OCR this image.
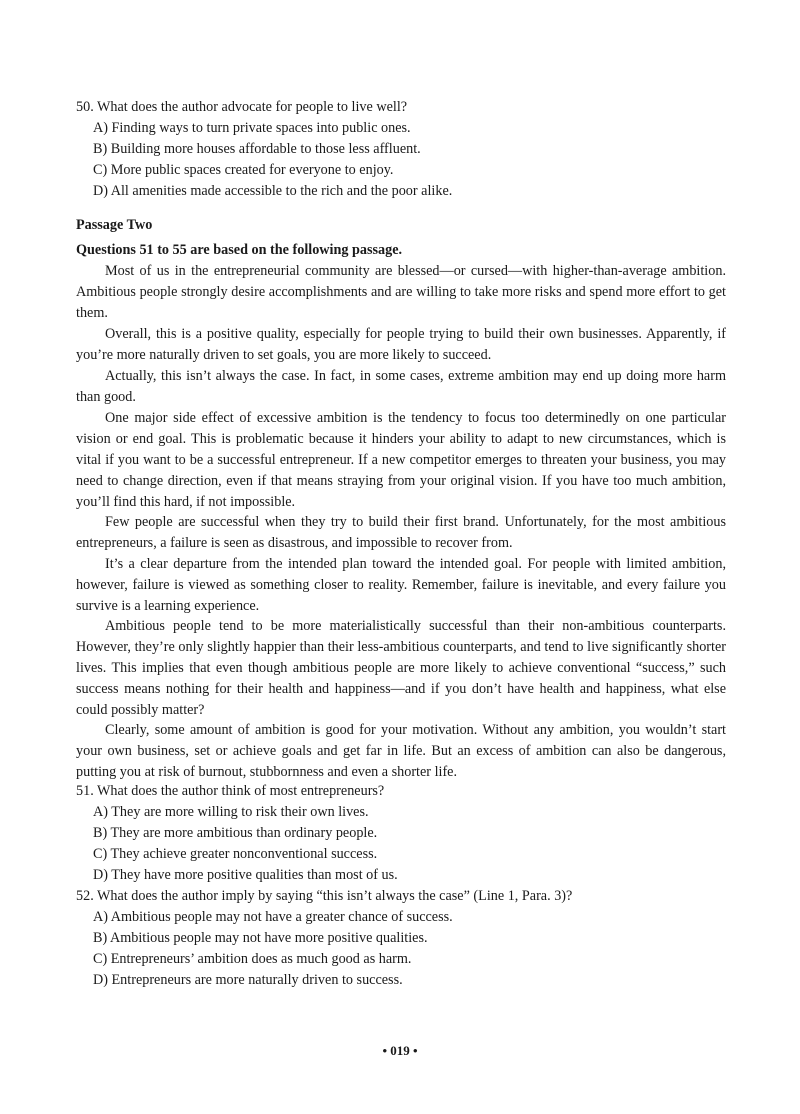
50. What does the author advocate for people to live well?

A) Finding ways to turn private spaces into public ones.

B) Building more houses affordable to those less affluent.

C) More public spaces created for everyone to enjoy.

D) All amenities made accessible to the rich and the poor alike.

Passage Two

Questions 51 to 55 are based on the following passage.

Most of us in the entrepreneurial community are blessed—or cursed—with higher-than-average ambition. Ambitious people strongly desire accomplishments and are willing to take more risks and spend more effort to get them.

Overall, this is a positive quality, especially for people trying to build their own businesses. Apparently, if you’re more naturally driven to set goals, you are more likely to succeed.

Actually, this isn’t always the case. In fact, in some cases, extreme ambition may end up doing more harm than good.

One major side effect of excessive ambition is the tendency to focus too determinedly on one particular vision or end goal. This is problematic because it hinders your ability to adapt to new circumstances, which is vital if you want to be a successful entrepreneur. If a new competitor emerges to threaten your business, you may need to change direction, even if that means straying from your original vision. If you have too much ambition, you’ll find this hard, if not impossible.

Few people are successful when they try to build their first brand. Unfortunately, for the most ambitious entrepreneurs, a failure is seen as disastrous, and impossible to recover from.

It’s a clear departure from the intended plan toward the intended goal. For people with limited ambition, however, failure is viewed as something closer to reality. Remember, failure is inevitable, and every failure you survive is a learning experience.

Ambitious people tend to be more materialistically successful than their non-ambitious counterparts. However, they’re only slightly happier than their less-ambitious counterparts, and tend to live significantly shorter lives. This implies that even though ambitious people are more likely to achieve conventional “success,” such success means nothing for their health and happiness—and if you don’t have health and happiness, what else could possibly matter?

Clearly, some amount of ambition is good for your motivation. Without any ambition, you wouldn’t start your own business, set or achieve goals and get far in life. But an excess of ambition can also be dangerous, putting you at risk of burnout, stubbornness and even a shorter life.

51. What does the author think of most entrepreneurs?

A) They are more willing to risk their own lives.

B) They are more ambitious than ordinary people.

C) They achieve greater nonconventional success.

D) They have more positive qualities than most of us.

52. What does the author imply by saying “this isn’t always the case” (Line 1, Para. 3)?

A) Ambitious people may not have a greater chance of success.

B) Ambitious people may not have more positive qualities.

C) Entrepreneurs’ ambition does as much good as harm.

D) Entrepreneurs are more naturally driven to success.

• 019 •
